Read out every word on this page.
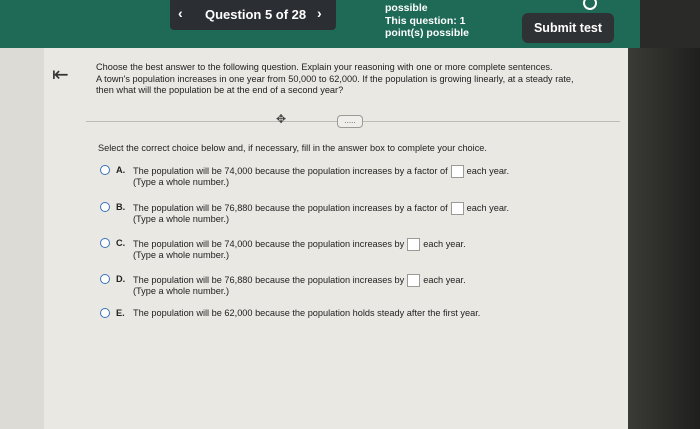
‹ Question 5 of 28 ›	possible
This question: 1
point(s) possible	Submit test
⇤	Choose the best answer to the following question. Explain your reasoning with one or more complete sentences.
A town's population increases in one year from 50,000 to 62,000. If the population is growing linearly, at a steady rate,
then what will the population be at the end of a second year?
✥	.....
Select the correct choice below and, if necessary, fill in the answer box to complete your choice.
A. The population will be 74,000 because the population increases by a factor of each year.
(Type a whole number.)
B. The population will be 76,880 because the population increases by a factor of each year.
(Type a whole number.)
C. The population will be 74,000 because the population increases by each year.
(Type a whole number.)
D. The population will be 76,880 because the population increases by each year.
(Type a whole number.)
E. The population will be 62,000 because the population holds steady after the first year.
